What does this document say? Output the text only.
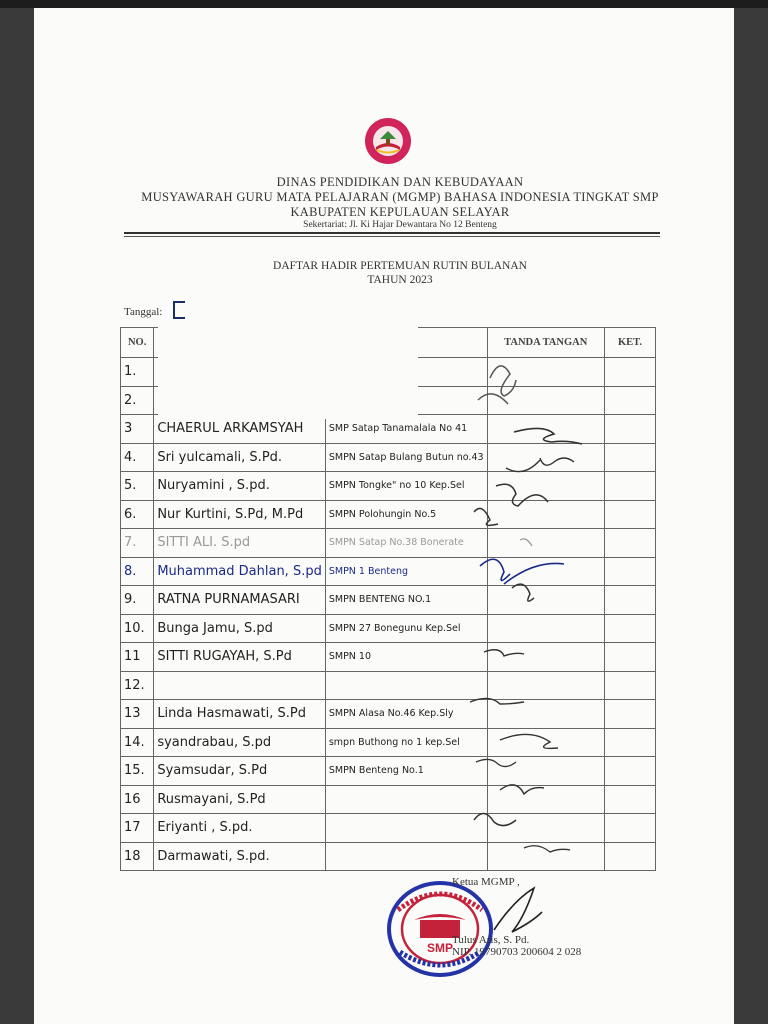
DINAS PENDIDIKAN DAN KEBUDAYAAN
MUSYAWARAH GURU MATA PELAJARAN (MGMP) BAHASA INDONESIA TINGKAT SMP
KABUPATEN KEPULAUAN SELAYAR
Sekertariat: Jl. Ki Hajar Dewantara No 12 Benteng
DAFTAR HADIR PERTEMUAN RUTIN BULANAN
TAHUN 2023
Tanggal:
NO.			TANDA TANGAN	KET.
1.				
2.				
3	CHAERUL ARKAMSYAH	SMP Satap Tanamalala No 41		
4.	Sri yulcamali, S.Pd.	SMPN Satap Bulang Butun no.43		
5.	Nuryamini , S.pd.	SMPN Tongke" no 10 Kep.Sel		
6.	Nur Kurtini, S.Pd, M.Pd	SMPN Polohungin No.5		
7.	SITTI ALI. S.pd	SMPN Satap No.38 Bonerate		
8.	Muhammad Dahlan, S.pd	SMPN 1 Benteng		
9.	RATNA PURNAMASARI	SMPN BENTENG NO.1		
10.	Bunga Jamu, S.pd	SMPN 27 Bonegunu Kep.Sel		
11	SITTI RUGAYAH, S.Pd	SMPN 10		
12.				
13	Linda Hasmawati, S.Pd	SMPN Alasa No.46 Kep.Sly		
14.	syandrabau, S.pd	smpn Buthong no 1 kep.Sel		
15.	Syamsudar, S.Pd	SMPN Benteng No.1		
16	Rusmayani, S.Pd			
17	Eriyanti , S.pd.			
18	Darmawati, S.pd.			
SMP
Ketua MGMP ,
Tulus Aris, S. Pd.
NIP. 19790703 200604 2 028
